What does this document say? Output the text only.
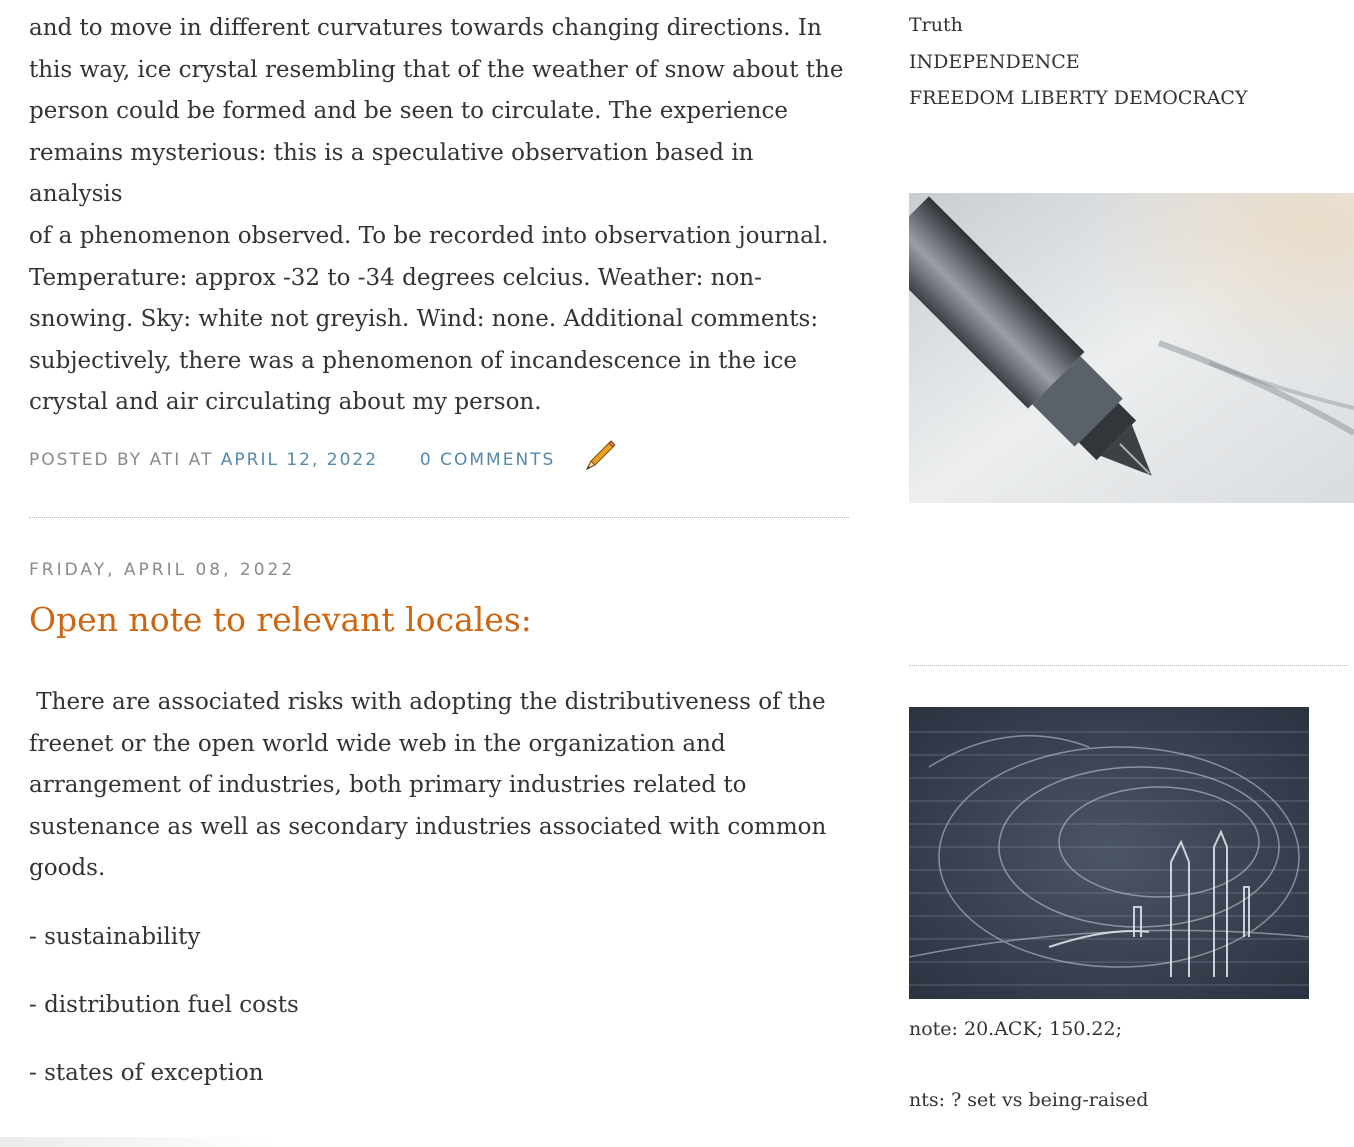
and to move in different curvatures towards changing directions. In

this way, ice crystal resembling that of the weather of snow about the

person could be formed and be seen to circulate. The experience

remains mysterious: this is a speculative observation based in analysis

of a phenomenon observed. To be recorded into observation journal.

Temperature: approx -32 to -34 degrees celcius. Weather: non-

snowing. Sky: white not greyish. Wind: none. Additional comments:

subjectively, there was a phenomenon of incandescence in the ice

crystal and air circulating about my person.

POSTED BY ATI AT APRIL 12, 2022 0 COMMENTS
FRIDAY, APRIL 08, 2022
Open note to relevant locales:

There are associated risks with adopting the distributiveness of the

freenet or the open world wide web in the organization and

arrangement of industries, both primary industries related to

sustenance as well as secondary industries associated with common

goods.

- sustainability
- distribution fuel costs
- states of exception
Truth
INDEPENDENCE
FREEDOM LIBERTY DEMOCRACY
note: 20.ACK; 150.22;
nts: ? set vs being-raised
